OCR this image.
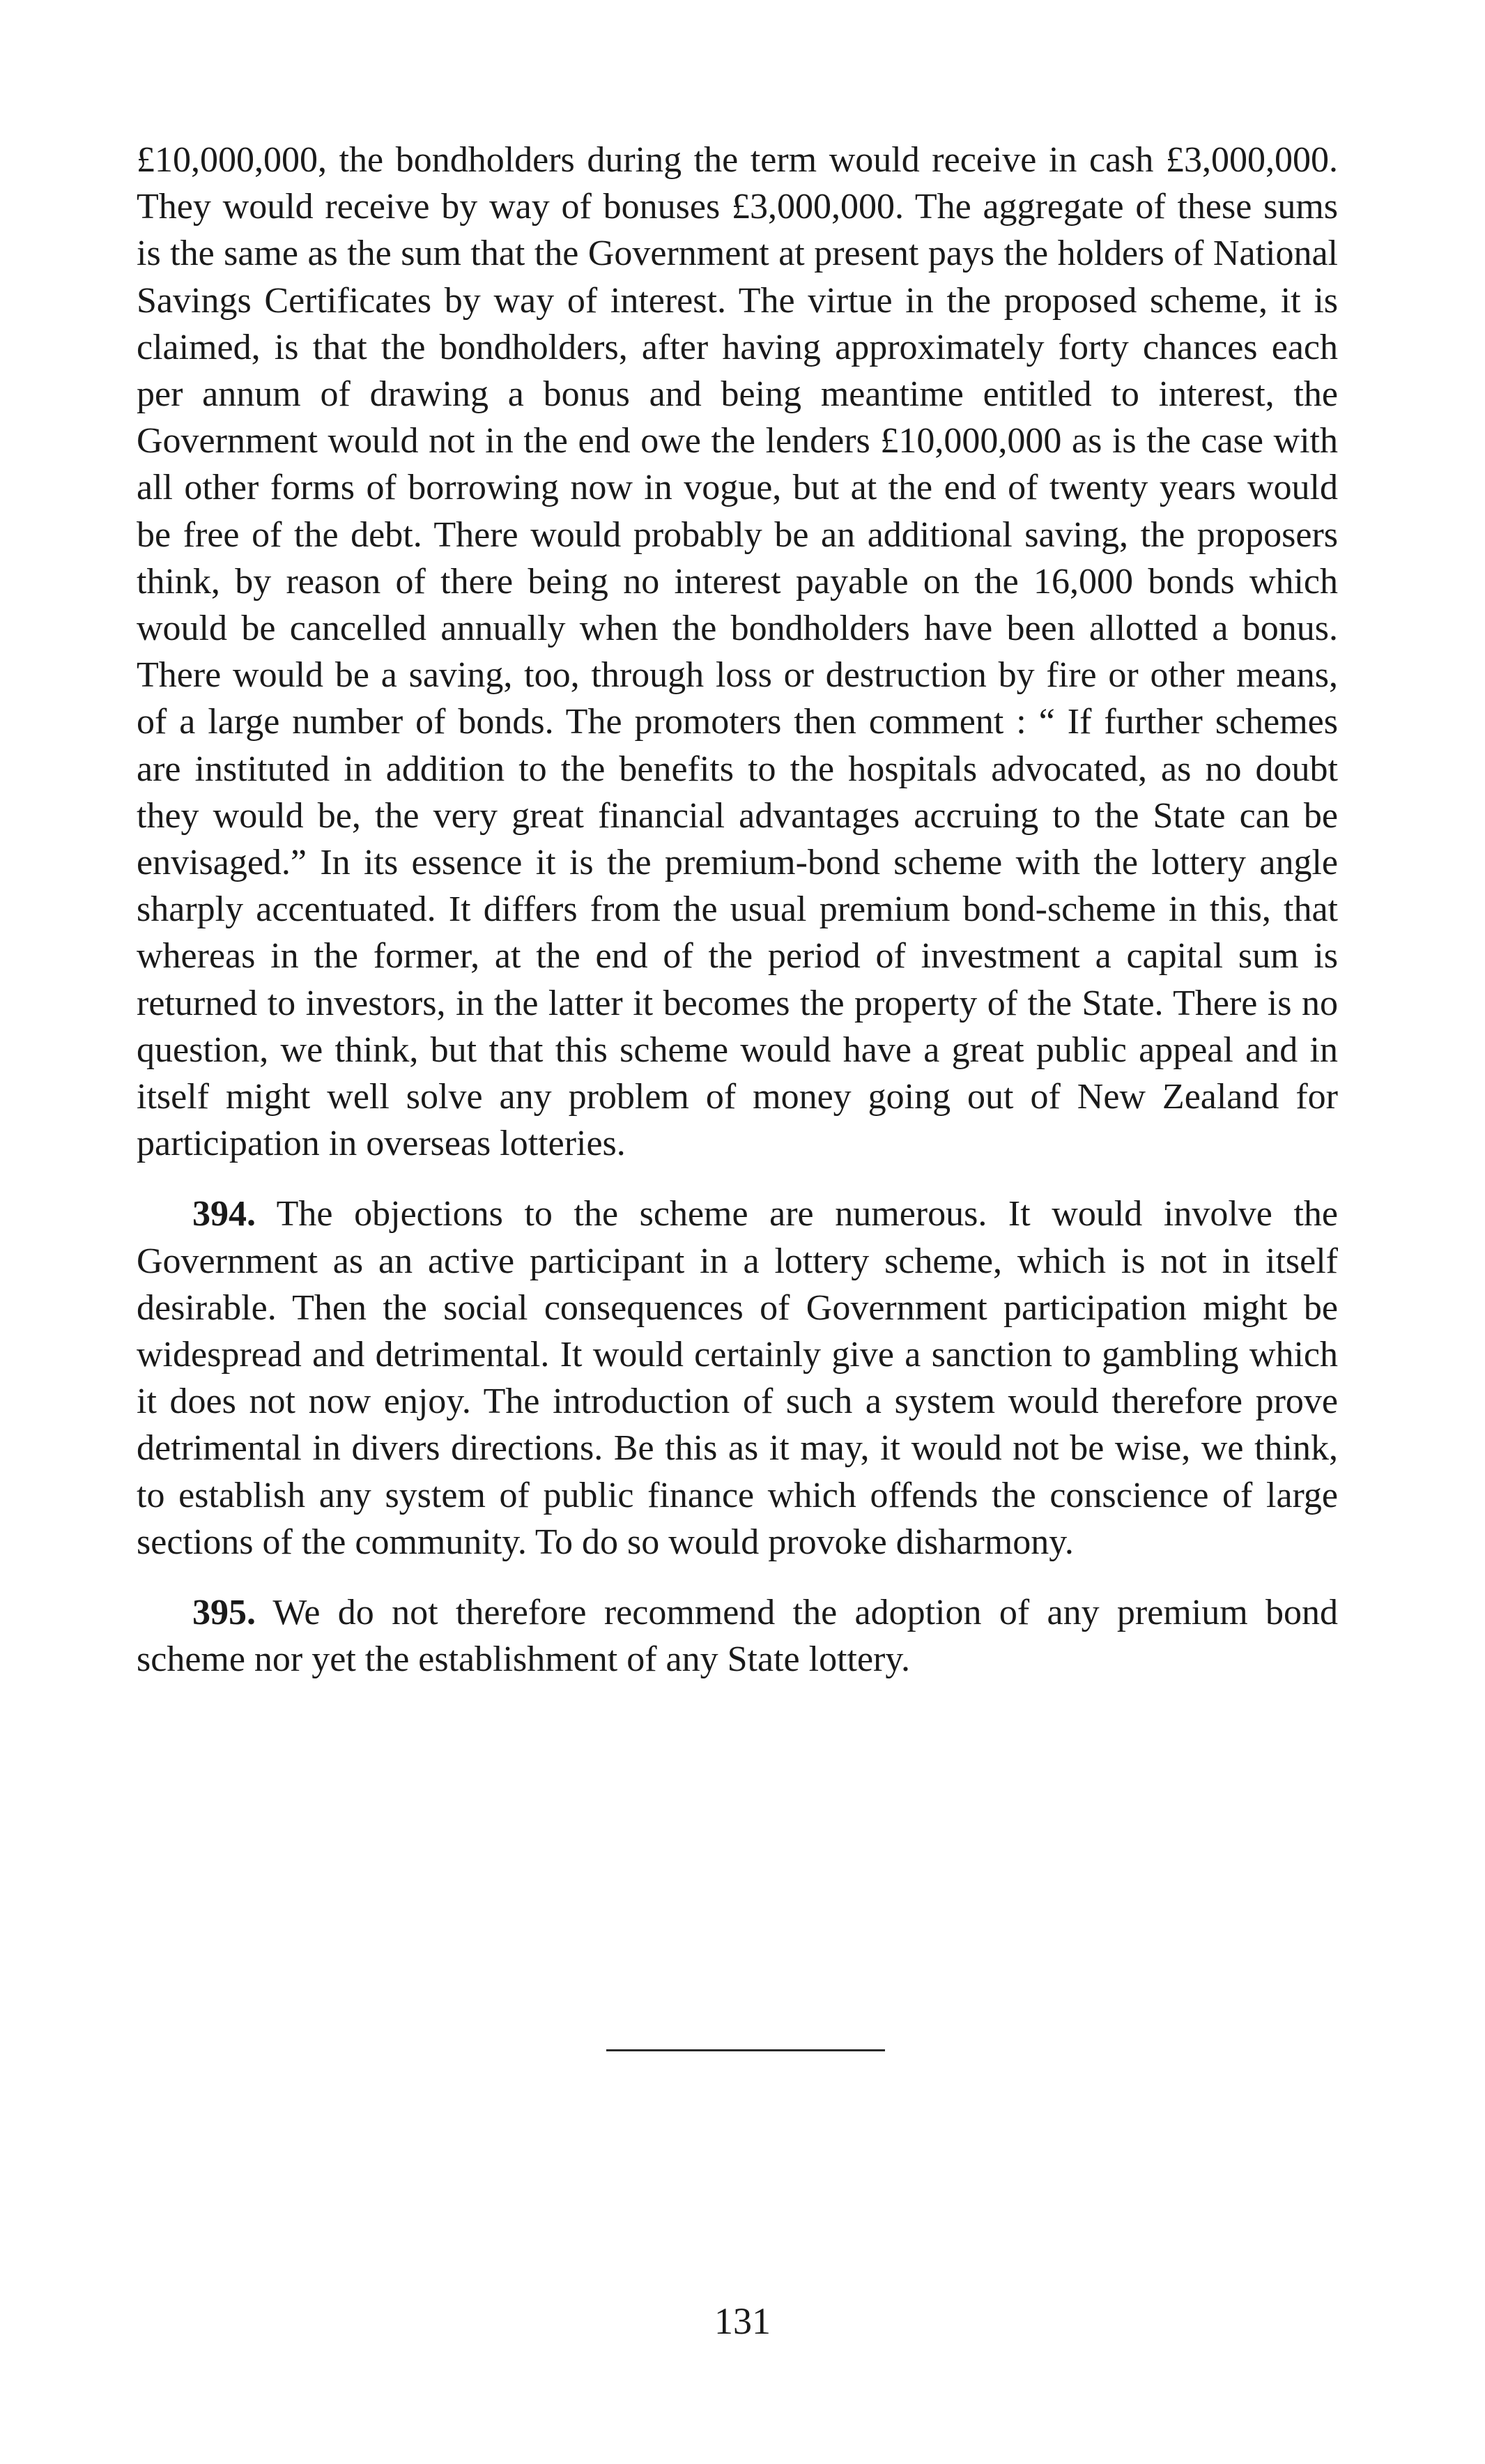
£10,000,000, the bondholders during the term would receive in cash £3,000,000. They would receive by way of bonuses £3,000,000. The aggregate of these sums is the same as the sum that the Government at present pays the holders of National Savings Certificates by way of interest. The virtue in the proposed scheme, it is claimed, is that the bondholders, after having approximately forty chances each per annum of drawing a bonus and being meantime entitled to interest, the Government would not in the end owe the lenders £10,000,000 as is the case with all other forms of borrowing now in vogue, but at the end of twenty years would be free of the debt. There would probably be an additional saving, the proposers think, by reason of there being no interest payable on the 16,000 bonds which would be cancelled annually when the bondholders have been allotted a bonus. There would be a saving, too, through loss or destruction by fire or other means, of a large number of bonds. The promoters then comment : “ If further schemes are instituted in addition to the benefits to the hospitals advocated, as no doubt they would be, the very great financial advantages accruing to the State can be envisaged.” In its essence it is the premium-bond scheme with the lottery angle sharply accentuated. It differs from the usual premium bond-scheme in this, that whereas in the former, at the end of the period of investment a capital sum is returned to investors, in the latter it becomes the property of the State. There is no question, we think, but that this scheme would have a great public appeal and in itself might well solve any problem of money going out of New Zealand for participation in overseas lotteries.

394. The objections to the scheme are numerous. It would involve the Government as an active participant in a lottery scheme, which is not in itself desirable. Then the social consequences of Government participation might be widespread and detrimental. It would certainly give a sanction to gambling which it does not now enjoy. The introduction of such a system would therefore prove detrimental in divers directions. Be this as it may, it would not be wise, we think, to establish any system of public finance which offends the conscience of large sections of the community. To do so would provoke disharmony.

395. We do not therefore recommend the adoption of any premium bond scheme nor yet the establishment of any State lottery.

131
